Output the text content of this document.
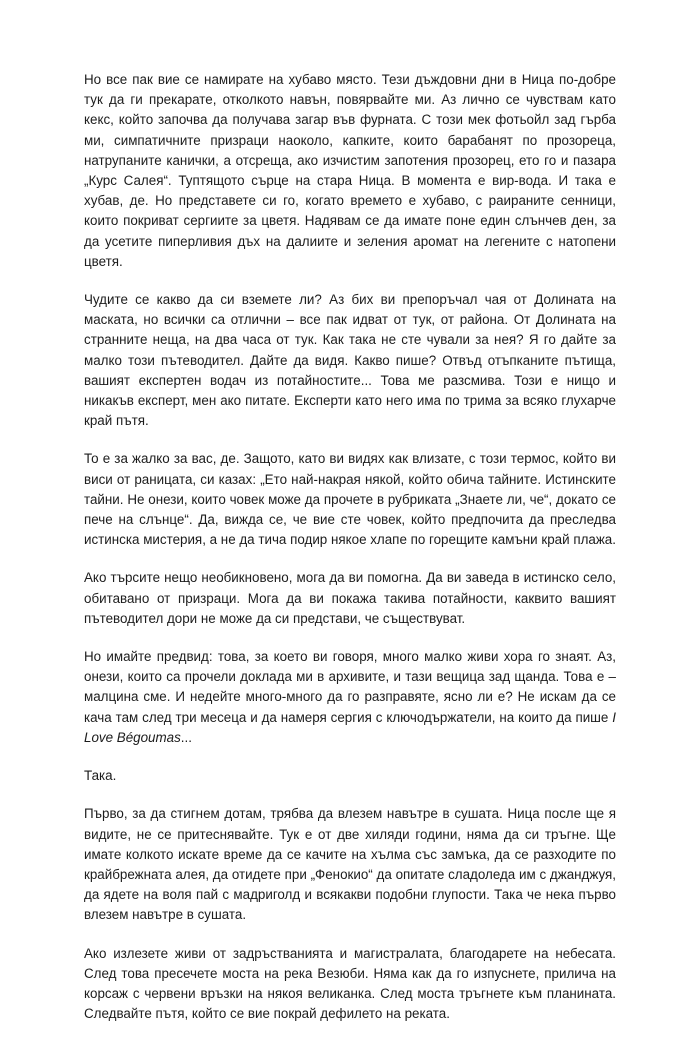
Но все пак вие се намирате на хубаво място. Тези дъждовни дни в Ница по-добре тук да ги прекарате, отколкото навън, повярвайте ми. Аз лично се чувствам като кекс, който започва да получава загар във фурната. С този мек фотьойл зад гърба ми, симпатичните призраци наоколо, капките, които барабанят по прозореца, натрупаните канички, а отсреща, ако изчистим запотения прозорец, ето го и пазара „Курс Салея“. Туптящото сърце на стара Ница. В момента е вир-вода. И така е хубав, де. Но представете си го, когато времето е хубаво, с раираните сенници, които покриват сергиите за цветя. Надявам се да имате поне един слънчев ден, за да усетите пиперливия дъх на далиите и зеления аромат на легените с натопени цветя.

Чудите се какво да си вземете ли? Аз бих ви препоръчал чая от Долината на маската, но всички са отлични – все пак идват от тук, от района. От Долината на странните неща, на два часа от тук. Как така не сте чували за нея? Я го дайте за малко този пътеводител. Дайте да видя. Какво пише? Отвъд отъпканите пътища, вашият експертен водач из потайностите... Това ме разсмива. Този е нищо и никакъв експерт, мен ако питате. Експерти като него има по трима за всяко глухарче край пътя.

То е за жалко за вас, де. Защото, като ви видях как влизате, с този термос, който ви виси от раницата, си казах: „Ето най-накрая някой, който обича тайните. Истинските тайни. Не онези, които човек може да прочете в рубриката „Знаете ли, че“, докато се пече на слънце“. Да, виждa се, че вие сте човек, който предпочита да преследва истинска мистерия, а не да тича подир някое хлапе по горещите камъни край плажа.

Ако търсите нещо необикновено, мога да ви помогна. Да ви заведа в истинско село, обитавано от призраци. Мога да ви покажа такива потайности, каквито вашият пътеводител дори не може да си представи, че съществуват.

Но имайте предвид: това, за което ви говоря, много малко живи хора го знаят. Аз, онези, които са прочели доклада ми в архивите, и тази вещица зад щанда. Това е – малцина сме. И недейте много-много да го разправяте, ясно ли е? Не искам да се кача там след три месеца и да намеря сергия с ключодържатели, на които да пише I Love Bégoumas...

Така.

Първо, за да стигнем дотам, трябва да влезем навътре в сушата. Ница после ще я видите, не се притеснявайте. Тук е от две хиляди години, няма да си тръгне. Ще имате колкото искате време да се качите на хълма със замъка, да се разходите по крайбрежната алея, да отидете при „Фенокио“ да опитате сладоледа им с джанджуя, да ядете на воля пай с мадриголд и всякакви подобни глупости. Така че нека първо влезем навътре в сушата.

Ако излезете живи от задръстванията и магистралата, благодарете на небесата. След това пресечете моста на река Везюби. Няма как да го изпуснете, прилича на корсаж с червени връзки на някоя великанка. След моста тръгнете към планината. Следвайте пътя, който се вие покрай дефилето на реката.
